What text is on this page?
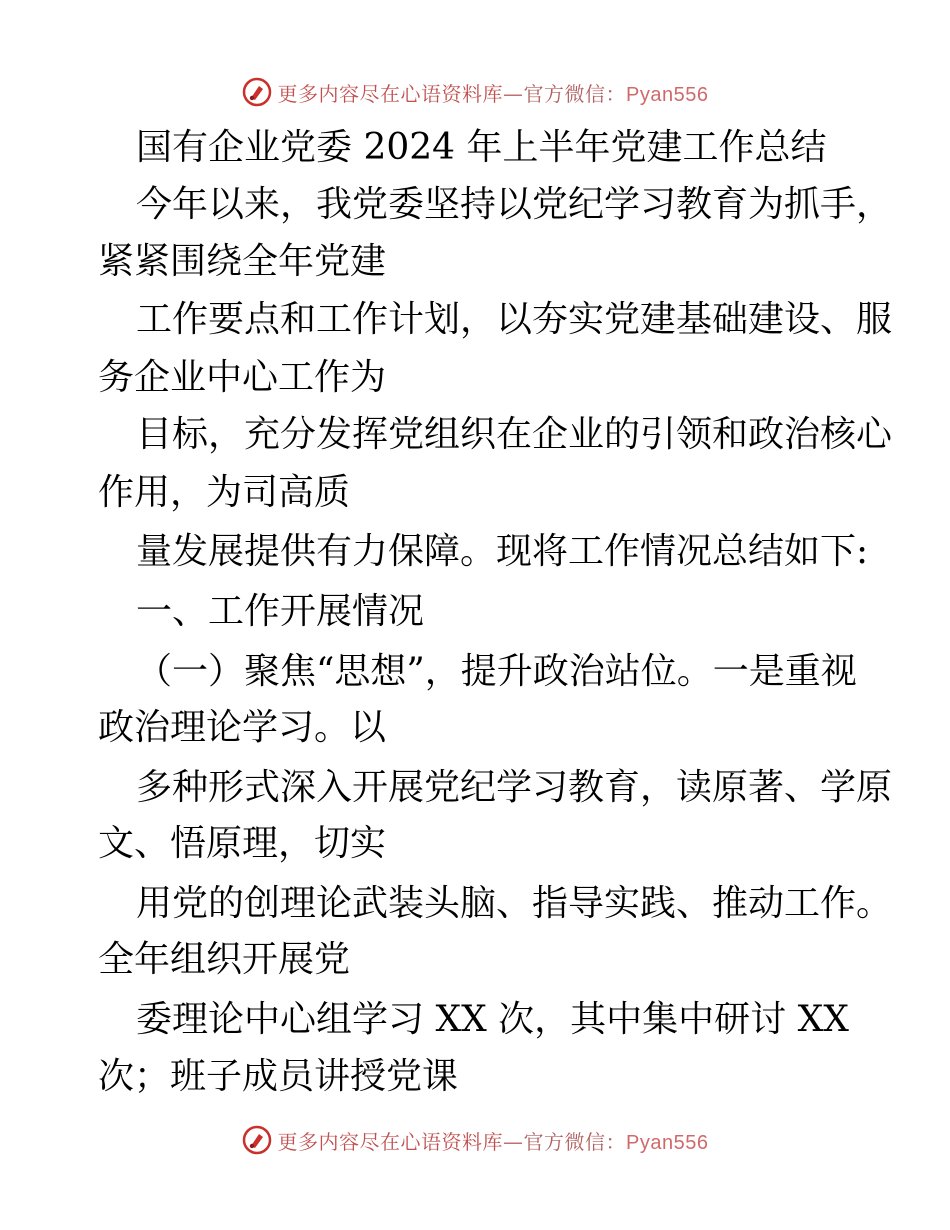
更多内容尽在心语资料库—官方微信：Pyan556

国有企业党委 2024 年上半年党建工作总结

今年以来，我党委坚持以党纪学习教育为抓手，

紧紧围绕全年党建

工作要点和工作计划，以夯实党建基础建设、服

务企业中心工作为

目标，充分发挥党组织在企业的引领和政治核心

作用，为司高质

量发展提供有力保障。现将工作情况总结如下:

一、工作开展情况

（一）聚焦“思想”，提升政治站位。一是重视

政治理论学习。以

多种形式深入开展党纪学习教育，读原著、学原

文、悟原理，切实

用党的创理论武装头脑、指导实践、推动工作。

全年组织开展党

委理论中心组学习 XX 次，其中集中研讨 XX

次；班子成员讲授党课

更多内容尽在心语资料库—官方微信：Pyan556
